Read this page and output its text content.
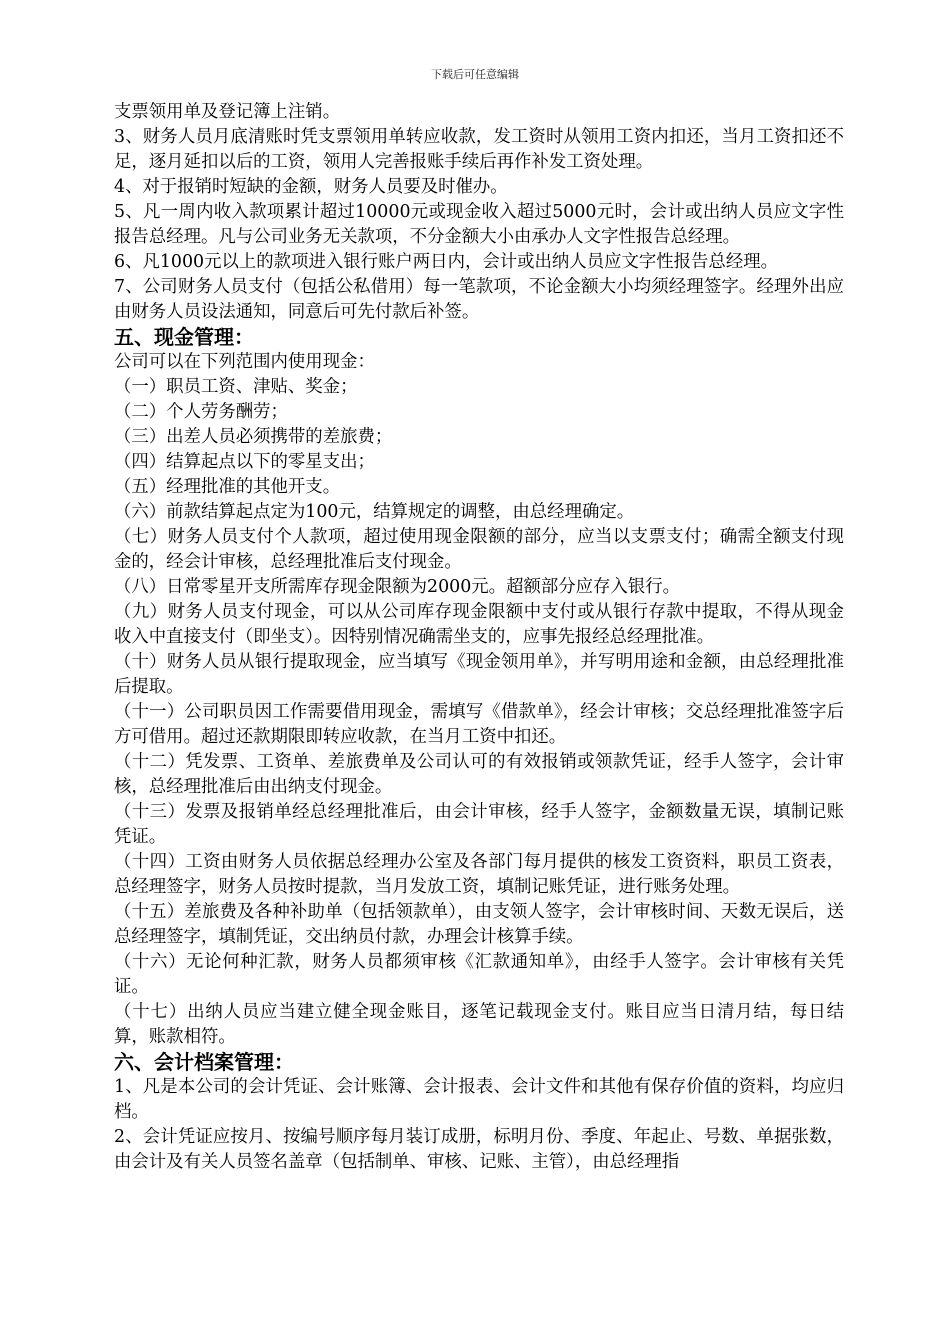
下载后可任意编辑
支票领用单及登记簿上注销。
3、财务人员月底清账时凭支票领用单转应收款，发工资时从领用工资内扣还，当月工资扣还不足，逐月延扣以后的工资，领用人完善报账手续后再作补发工资处理。
4、对于报销时短缺的金额，财务人员要及时催办。
5、凡一周内收入款项累计超过10000元或现金收入超过5000元时，会计或出纳人员应文字性报告总经理。凡与公司业务无关款项，不分金额大小由承办人文字性报告总经理。
6、凡1000元以上的款项进入银行账户两日内，会计或出纳人员应文字性报告总经理。
7、公司财务人员支付（包括公私借用）每一笔款项，不论金额大小均须经理签字。经理外出应由财务人员设法通知，同意后可先付款后补签。
五、现金管理：
公司可以在下列范围内使用现金：
（一）职员工资、津贴、奖金；
（二）个人劳务酬劳；
（三）出差人员必须携带的差旅费；
（四）结算起点以下的零星支出；
（五）经理批准的其他开支。
（六）前款结算起点定为100元，结算规定的调整，由总经理确定。
（七）财务人员支付个人款项，超过使用现金限额的部分，应当以支票支付；确需全额支付现金的，经会计审核，总经理批准后支付现金。
（八）日常零星开支所需库存现金限额为2000元。超额部分应存入银行。
（九）财务人员支付现金，可以从公司库存现金限额中支付或从银行存款中提取，不得从现金收入中直接支付（即坐支）。因特别情况确需坐支的，应事先报经总经理批准。
（十）财务人员从银行提取现金，应当填写《现金领用单》，并写明用途和金额，由总经理批准后提取。
（十一）公司职员因工作需要借用现金，需填写《借款单》，经会计审核；交总经理批准签字后方可借用。超过还款期限即转应收款，在当月工资中扣还。
（十二）凭发票、工资单、差旅费单及公司认可的有效报销或领款凭证，经手人签字，会计审核，总经理批准后由出纳支付现金。
（十三）发票及报销单经总经理批准后，由会计审核，经手人签字，金额数量无误，填制记账凭证。
（十四）工资由财务人员依据总经理办公室及各部门每月提供的核发工资资料，职员工资表，总经理签字，财务人员按时提款，当月发放工资，填制记账凭证，进行账务处理。
（十五）差旅费及各种补助单（包括领款单），由支领人签字，会计审核时间、天数无误后，送总经理签字，填制凭证，交出纳员付款，办理会计核算手续。
（十六）无论何种汇款，财务人员都须审核《汇款通知单》，由经手人签字。会计审核有关凭证。
（十七）出纳人员应当建立健全现金账目，逐笔记载现金支付。账目应当日清月结，每日结算，账款相符。
六、会计档案管理：
1、凡是本公司的会计凭证、会计账簿、会计报表、会计文件和其他有保存价值的资料，均应归档。
2、会计凭证应按月、按编号顺序每月装订成册，标明月份、季度、年起止、号数、单据张数，由会计及有关人员签名盖章（包括制单、审核、记账、主管），由总经理指
